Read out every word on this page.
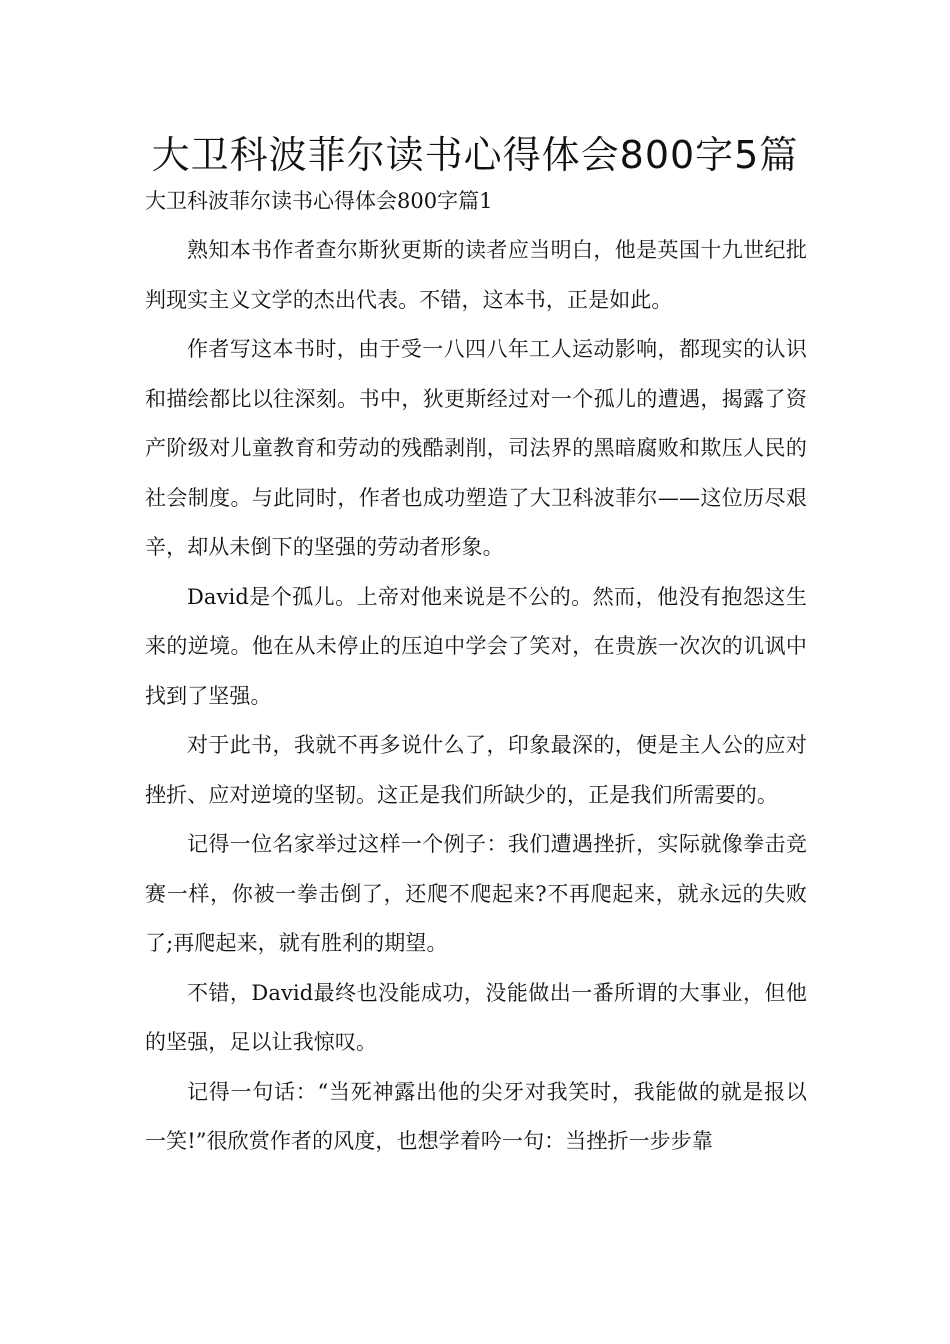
大卫科波菲尔读书心得体会800字5篇
大卫科波菲尔读书心得体会800字篇1

熟知本书作者查尔斯狄更斯的读者应当明白，他是英国十九世纪批判现实主义文学的杰出代表。不错，这本书，正是如此。

作者写这本书时，由于受一八四八年工人运动影响，都现实的认识和描绘都比以往深刻。书中，狄更斯经过对一个孤儿的遭遇，揭露了资产阶级对儿童教育和劳动的残酷剥削，司法界的黑暗腐败和欺压人民的社会制度。与此同时，作者也成功塑造了大卫科波菲尔——这位历尽艰辛，却从未倒下的坚强的劳动者形象。

David是个孤儿。上帝对他来说是不公的。然而，他没有抱怨这生来的逆境。他在从未停止的压迫中学会了笑对，在贵族一次次的讥讽中找到了坚强。

对于此书，我就不再多说什么了，印象最深的，便是主人公的应对挫折、应对逆境的坚韧。这正是我们所缺少的，正是我们所需要的。

记得一位名家举过这样一个例子：我们遭遇挫折，实际就像拳击竞赛一样，你被一拳击倒了，还爬不爬起来?不再爬起来，就永远的失败了;再爬起来，就有胜利的期望。

不错，David最终也没能成功，没能做出一番所谓的大事业，但他的坚强，足以让我惊叹。

记得一句话：“当死神露出他的尖牙对我笑时，我能做的就是报以一笑!”很欣赏作者的风度，也想学着吟一句：当挫折一步步靠
